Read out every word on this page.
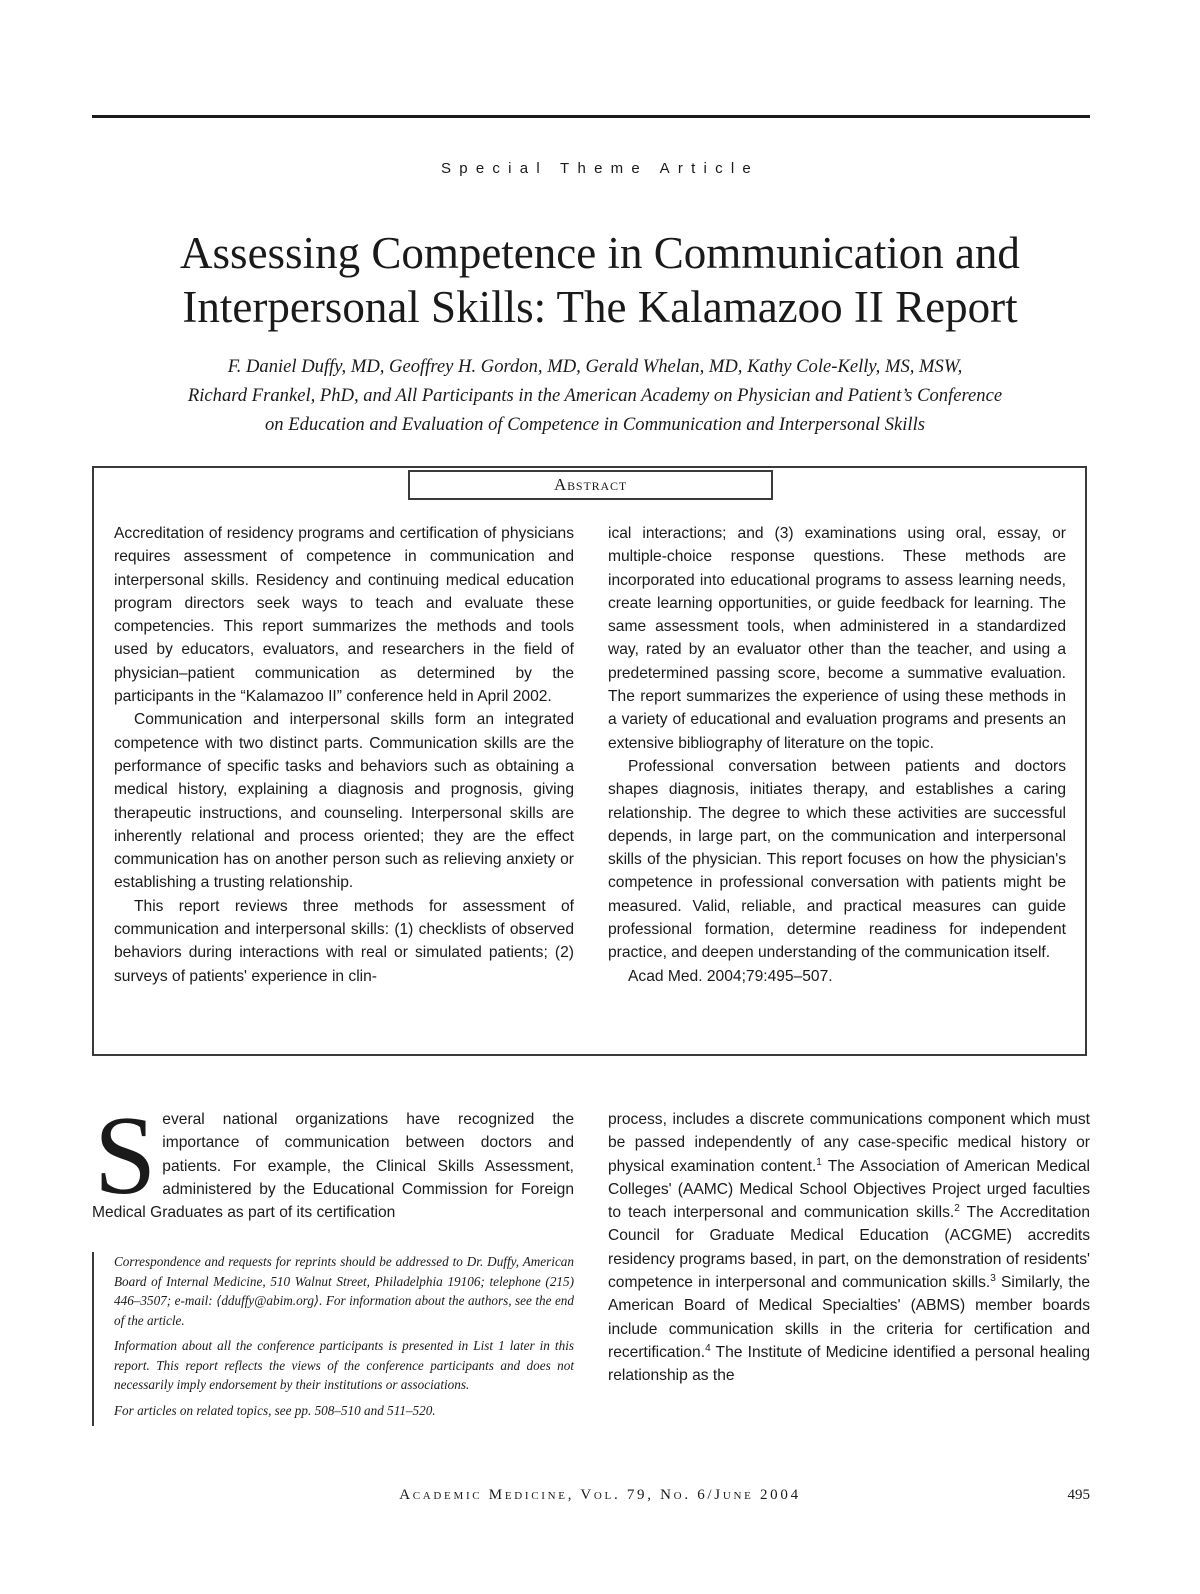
Special Theme Article
Assessing Competence in Communication and
Interpersonal Skills: The Kalamazoo II Report
F. Daniel Duffy, MD, Geoffrey H. Gordon, MD, Gerald Whelan, MD, Kathy Cole-Kelly, MS, MSW,
Richard Frankel, PhD, and All Participants in the American Academy on Physician and Patient’s Conference
on Education and Evaluation of Competence in Communication and Interpersonal Skills
Abstract

Accreditation of residency programs and certification of physicians requires assessment of competence in communication and interpersonal skills. Residency and continuing medical education program directors seek ways to teach and evaluate these competencies. This report summarizes the methods and tools used by educators, evaluators, and researchers in the field of physician–patient communication as determined by the participants in the “Kalamazoo II” conference held in April 2002.

Communication and interpersonal skills form an integrated competence with two distinct parts. Communication skills are the performance of specific tasks and behaviors such as obtaining a medical history, explaining a diagnosis and prognosis, giving therapeutic instructions, and counseling. Interpersonal skills are inherently relational and process oriented; they are the effect communication has on another person such as relieving anxiety or establishing a trusting relationship.

This report reviews three methods for assessment of communication and interpersonal skills: (1) checklists of observed behaviors during interactions with real or simulated patients; (2) surveys of patients' experience in clin-

ical interactions; and (3) examinations using oral, essay, or multiple-choice response questions. These methods are incorporated into educational programs to assess learning needs, create learning opportunities, or guide feedback for learning. The same assessment tools, when administered in a standardized way, rated by an evaluator other than the teacher, and using a predetermined passing score, become a summative evaluation. The report summarizes the experience of using these methods in a variety of educational and evaluation programs and presents an extensive bibliography of literature on the topic.

Professional conversation between patients and doctors shapes diagnosis, initiates therapy, and establishes a caring relationship. The degree to which these activities are successful depends, in large part, on the communication and interpersonal skills of the physician. This report focuses on how the physician's competence in professional conversation with patients might be measured. Valid, reliable, and practical measures can guide professional formation, determine readiness for independent practice, and deepen understanding of the communication itself.

Acad Med. 2004;79:495–507.

Several national organizations have recognized the importance of communication between doctors and patients. For example, the Clinical Skills Assessment, administered by the Educational Commission for Foreign Medical Graduates as part of its certification

Correspondence and requests for reprints should be addressed to Dr. Duffy, American Board of Internal Medicine, 510 Walnut Street, Philadelphia 19106; telephone (215) 446–3507; e-mail: ⟨dduffy@abim.org⟩. For information about the authors, see the end of the article.

Information about all the conference participants is presented in List 1 later in this report. This report reflects the views of the conference participants and does not necessarily imply endorsement by their institutions or associations.

For articles on related topics, see pp. 508–510 and 511–520.

process, includes a discrete communications component which must be passed independently of any case-specific medical history or physical examination content.$^1$ The Association of American Medical Colleges' (AAMC) Medical School Objectives Project urged faculties to teach interpersonal and communication skills.$^2$ The Accreditation Council for Graduate Medical Education (ACGME) accredits residency programs based, in part, on the demonstration of residents' competence in interpersonal and communication skills.$^3$ Similarly, the American Board of Medical Specialties' (ABMS) member boards include communication skills in the criteria for certification and recertification.$^4$ The Institute of Medicine identified a personal healing relationship as the

Academic Medicine, Vol. 79, No. 6/June 2004	495
